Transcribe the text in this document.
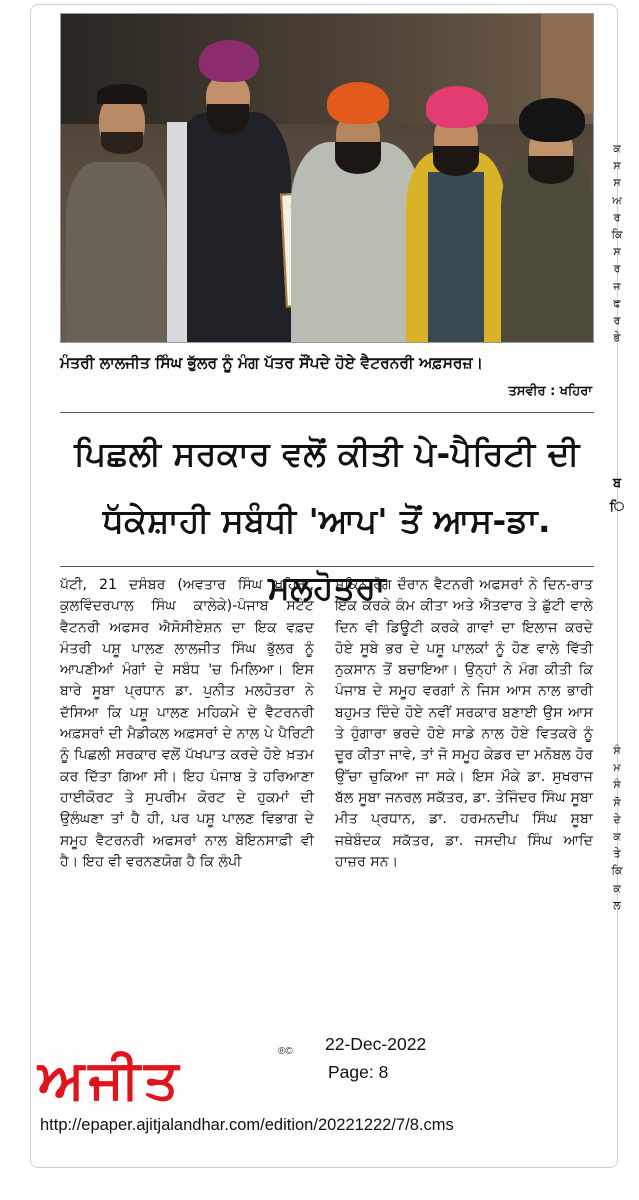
ਕ
ਸ
ਸ
ਅ
ਰ
ਕਿ
ਸ
ਰ
ਜ
ਫ
ਰ
ਭੇ
ਬ
ਿ
ਸੰ
ਮ
ਸੰ
ਸੋ
ਦੇ
ਕ
ਤੇ
ਕਿ
ਕ
ਲ
ਮੰਤਰੀ ਲਾਲਜੀਤ ਸਿੰਘ ਭੁੱਲਰ ਨੂੰ ਮੰਗ ਪੱਤਰ ਸੌਂਪਦੇ ਹੋਏ ਵੈਟਰਨਰੀ ਅਫ਼ਸਰਜ਼।
ਤਸਵੀਰ : ਖਹਿਰਾ
ਪਿਛਲੀ ਸਰਕਾਰ ਵਲੋਂ ਕੀਤੀ ਪੇ-ਪੈਰਿਟੀ ਦੀ
ਧੱਕੇਸ਼ਾਹੀ ਸਬੰਧੀ 'ਆਪ' ਤੋਂ ਆਸ-ਡਾ. ਮਲਹੋਤਰਾ

ਪੱਟੀ, 21 ਦਸੰਬਰ (ਅਵਤਾਰ ਸਿੰਘ ਖਹਿਰਾ, ਕੁਲਵਿੰਦਰਪਾਲ ਸਿੰਘ ਕਾਲੇਕੇ)-ਪੰਜਾਬ ਸਟੇਟ ਵੈਟਨਰੀ ਅਫਸਰ ਐਸੋਸੀਏਸ਼ਨ ਦਾ ਇਕ ਵਫ਼ਦ ਮੰਤਰੀ ਪਸ਼ੂ ਪਾਲਣ ਲਾਲਜੀਤ ਸਿੰਘ ਭੁੱਲਰ ਨੂੰ ਆਪਣੀਆਂ ਮੰਗਾਂ ਦੇ ਸਬੰਧ 'ਚ ਮਿਲਿਆ। ਇਸ ਬਾਰੇ ਸੂਬਾ ਪ੍ਰਧਾਨ ਡਾ. ਪੁਨੀਤ ਮਲਹੋਤਰਾ ਨੇ ਦੱਸਿਆ ਕਿ ਪਸ਼ੂ ਪਾਲਣ ਮਹਿਕਮੇ ਦੇ ਵੈਟਰਨਰੀ ਅਫ਼ਸਰਾਂ ਦੀ ਮੈਡੀਕਲ ਅਫ਼ਸਰਾਂ ਦੇ ਨਾਲ ਪੇ ਪੈਰਿਟੀ ਨੂੰ ਪਿਛਲੀ ਸਰਕਾਰ ਵਲੋਂ ਪੱਖਪਾਤ ਕਰਦੇ ਹੋਏ ਖ਼ਤਮ ਕਰ ਦਿੱਤਾ ਗਿਆ ਸੀ। ਇਹ ਪੰਜਾਬ ਤੇ ਹਰਿਆਣਾ ਹਾਈਕੋਰਟ ਤੇ ਸੁਪਰੀਮ ਕੋਰਟ ਦੇ ਹੁਕਮਾਂ ਦੀ ਉਲੰਘਣਾ ਤਾਂ ਹੈ ਹੀ, ਪਰ ਪਸ਼ੂ ਪਾਲਣ ਵਿਭਾਗ ਦੇ ਸਮੂਹ ਵੈਟਰਨਰੀ ਅਫਸਰਾਂ ਨਾਲ ਬੇਇਨਸਾਫ਼ੀ ਵੀ ਹੈ। ਇਹ ਵੀ ਵਰਨਣਯੋਗ ਹੈ ਕਿ ਲੰਪੀ

ਸਕਿਨ ਰੋਗ ਦੌਰਾਨ ਵੈਟਨਰੀ ਅਫਸਰਾਂ ਨੇ ਦਿਨ-ਰਾਤ ਇਕ ਕਰਕੇ ਕੰਮ ਕੀਤਾ ਅਤੇ ਐਤਵਾਰ ਤੇ ਛੁੱਟੀ ਵਾਲੇ ਦਿਨ ਵੀ ਡਿਊਟੀ ਕਰਕੇ ਗਾਵਾਂ ਦਾ ਇਲਾਜ ਕਰਦੇ ਹੋਏ ਸੂਬੇ ਭਰ ਦੇ ਪਸ਼ੂ ਪਾਲਕਾਂ ਨੂੰ ਹੋਣ ਵਾਲੇ ਵਿੱਤੀ ਨੁਕਸਾਨ ਤੋਂ ਬਚਾਇਆ। ਉਨ੍ਹਾਂ ਨੇ ਮੰਗ ਕੀਤੀ ਕਿ ਪੰਜਾਬ ਦੇ ਸਮੂਹ ਵਰਗਾਂ ਨੇ ਜਿਸ ਆਸ ਨਾਲ ਭਾਰੀ ਬਹੁਮਤ ਦਿੰਦੇ ਹੋਏ ਨਵੀਂ ਸਰਕਾਰ ਬਣਾਈ ਉਸ ਆਸ ਤੇ ਹੁੰਗਾਰਾ ਭਰਦੇ ਹੋਏ ਸਾਡੇ ਨਾਲ ਹੋਏ ਵਿਤਕਰੇ ਨੂੰ ਦੂਰ ਕੀਤਾ ਜਾਵੇ, ਤਾਂ ਜੋ ਸਮੂਹ ਕੇਡਰ ਦਾ ਮਨੋਬਲ ਹੋਰ ਉੱਚਾ ਚੁਕਿਆ ਜਾ ਸਕੇ। ਇਸ ਮੌਕੇ ਡਾ. ਸੁਖਰਾਜ ਬੱਲ ਸੂਬਾ ਜਨਰਲ ਸਕੱਤਰ, ਡਾ. ਤੇਜਿੰਦਰ ਸਿੰਘ ਸੂਬਾ ਮੀਤ ਪ੍ਰਧਾਨ, ਡਾ. ਹਰਮਨਦੀਪ ਸਿੰਘ ਸੂਬਾ ਜਥੇਬੰਦਕ ਸਕੱਤਰ, ਡਾ. ਜਸਦੀਪ ਸਿੰਘ ਆਦਿ ਹਾਜ਼ਰ ਸਨ।

ਅਜੀਤ	®© 22-Dec-2022
Page: 8
http://epaper.ajitjalandhar.com/edition/20221222/7/8.cms
